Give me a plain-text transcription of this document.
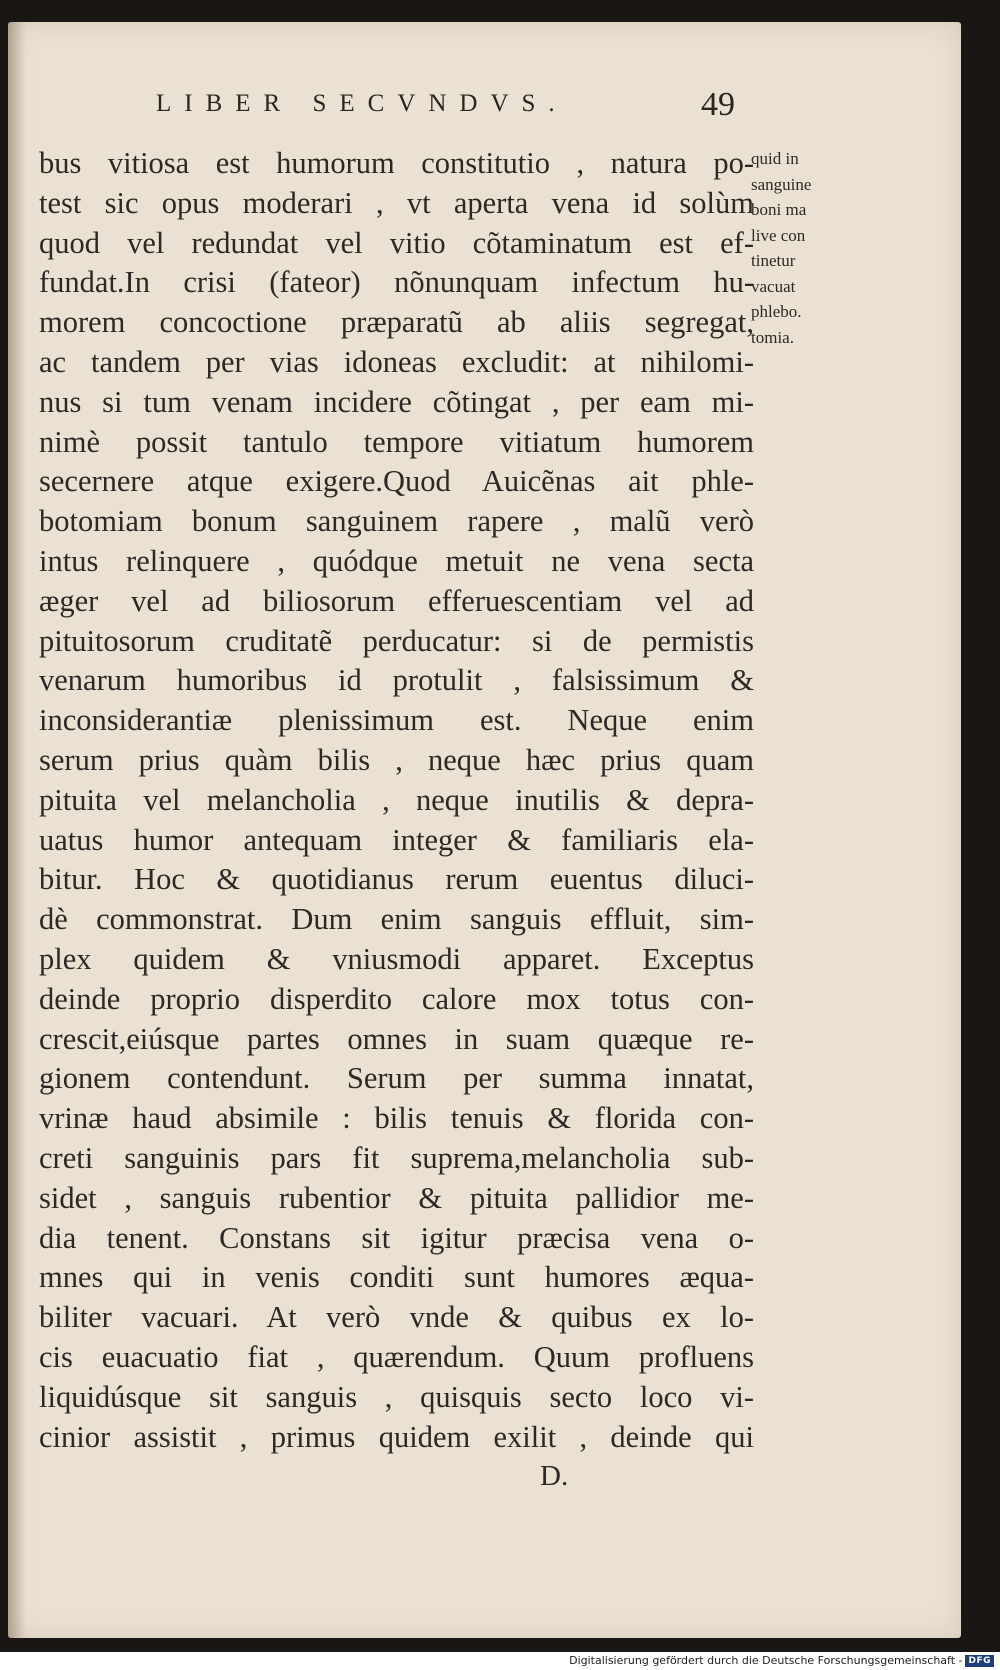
LIBER SECVNDVS.	49
bus vitiosa est humorum constitutio , natura po-
test sic opus moderari , vt aperta vena id solùm
quod vel redundat vel vitio cõtaminatum est ef-
fundat.In crisi (fateor) nõnunquam infectum hu-
morem concoctione præparatũ ab aliis segregat,
ac tandem per vias idoneas excludit: at nihilomi-
nus si tum venam incidere cõtingat , per eam mi-
nimè possit tantulo tempore vitiatum humorem
secernere atque exigere.Quod Auicẽnas ait phle-
botomiam bonum sanguinem rapere , malũ verò
intus relinquere , quódque metuit ne vena secta
æger vel ad biliosorum efferuescentiam vel ad
pituitosorum cruditatẽ perducatur: si de permistis
venarum humoribus id protulit , falsissimum &
inconsiderantiæ plenissimum est. Neque enim
serum prius quàm bilis , neque hæc prius quam
pituita vel melancholia , neque inutilis & depra-
uatus humor antequam integer & familiaris ela-
bitur. Hoc & quotidianus rerum euentus diluci-
dè commonstrat. Dum enim sanguis effluit, sim-
plex quidem & vniusmodi apparet. Exceptus
deinde proprio disperdito calore mox totus con-
crescit,eiúsque partes omnes in suam quæque re-
gionem contendunt. Serum per summa innatat,
vrinæ haud absimile : bilis tenuis & florida con-
creti sanguinis pars fit suprema,melancholia sub-
sidet , sanguis rubentior & pituita pallidior me-
dia tenent. Constans sit igitur præcisa vena o-
mnes qui in venis conditi sunt humores æqua-
biliter vacuari. At verò vnde & quibus ex lo-
cis euacuatio fiat , quærendum. Quum profluens
liquidúsque sit sanguis , quisquis secto loco vi-
cinior assistit , primus quidem exilit , deinde qui
quid in
sanguine
boni ma
live con
tinetur
vacuat
phlebo.
tomia.
D.
Digitalisierung gefördert durch die Deutsche Forschungsgemeinschaft - DFG
